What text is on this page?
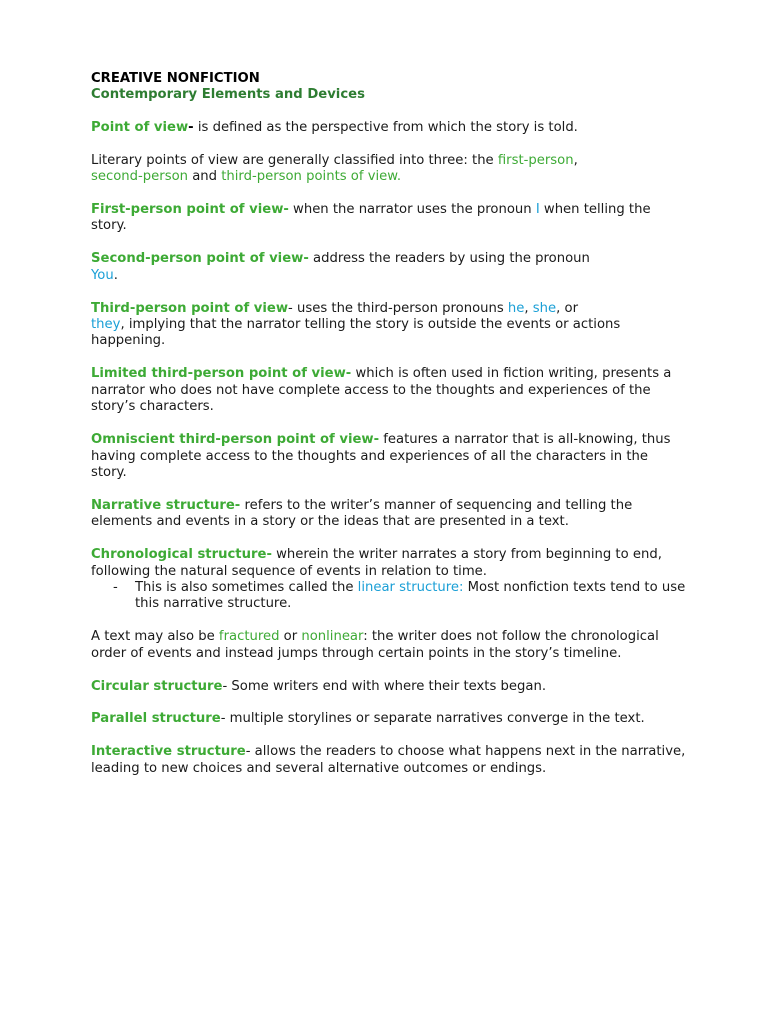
CREATIVE NONFICTION
Contemporary Elements and Devices
Point of view- is defined as the perspective from which the story is told.
Literary points of view are generally classified into three: the first-person,
second-person and third-person points of view.
First-person point of view- when the narrator uses the pronoun I when telling the story.
Second-person point of view- address the readers by using the pronoun
You.
Third-person point of view- uses the third-person pronouns he, she, or
they, implying that the narrator telling the story is outside the events or actions happening.
Limited third-person point of view- which is often used in fiction writing, presents a narrator who does not have complete access to the thoughts and experiences of the story’s characters.
Omniscient third-person point of view- features a narrator that is all-knowing, thus having complete access to the thoughts and experiences of all the characters in the story.
Narrative structure- refers to the writer’s manner of sequencing and telling the elements and events in a story or the ideas that are presented in a text.
Chronological structure- wherein the writer narrates a story from beginning to end, following the natural sequence of events in relation to time.
-	This is also sometimes called the linear structure: Most nonfiction texts tend to use this narrative structure.
A text may also be fractured or nonlinear: the writer does not follow the chronological order of events and instead jumps through certain points in the story’s timeline.
Circular structure- Some writers end with where their texts began.
Parallel structure- multiple storylines or separate narratives converge in the text.
Interactive structure- allows the readers to choose what happens next in the narrative, leading to new choices and several alternative outcomes or endings.
